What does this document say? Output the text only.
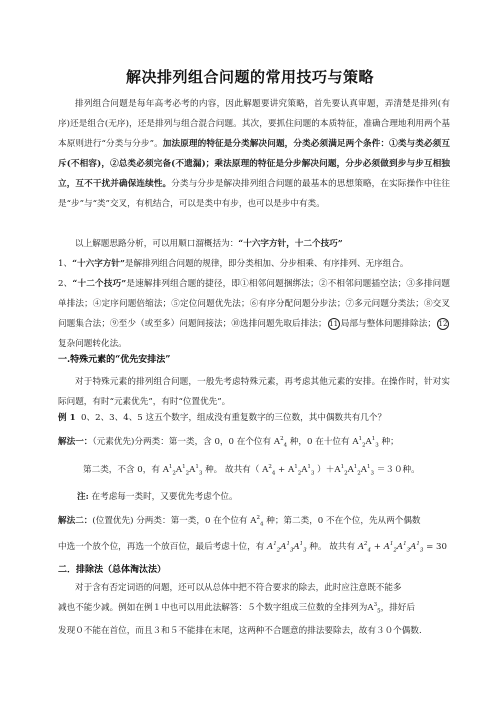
解决排列组合问题的常用技巧与策略

排列组合问题是每年高考必考的内容，因此解题要讲究策略，首先要认真审题，弄清楚是排列(有序)还是组合(无序)，还是排列与组合混合问题。其次，要抓住问题的本质特征，准确合理地利用两个基本原则进行“分类与分步”。加法原理的特征是分类解决问题，分类必须满足两个条件：①类与类必须互斥(不相容)，②总类必须完备(不遗漏)；乘法原理的特征是分步解决问题，分步必须做到步与步互相独立，互不干扰并确保连续性。分类与分步是解决排列组合问题的最基本的思想策略，在实际操作中往往是“步”与“类”交叉，有机结合，可以是类中有步，也可以是步中有类。

以上解题思路分析，可以用顺口溜概括为：“十六字方针，十二个技巧”

1、“十六字方针”是解排列组合问题的规律，即分类相加、分步相乘、有序排列、无序组合。

2、“十二个技巧”是速解排列组合题的捷径，即①相邻问题捆绑法；②不相邻问题插空法；③多排问题单排法；④定序问题倍缩法；⑤定位问题优先法；⑥有序分配问题分步法；⑦多元问题分类法；⑧交叉问题集合法；⑨至少（或至多）问题间接法；⑩选排问题先取后排法； 11 局部与整体问题排除法； 12复杂问题转化法。

一.特殊元素的“优先安排法”

对于特殊元素的排列组合问题，一般先考虑特殊元素，再考虑其他元素的安排。在操作时，针对实际问题，有时“元素优先”，有时“位置优先”。

例 1 0、2、3、4、5 这五个数字，组成没有重复数字的三位数，其中偶数共有几个？
解法一：（元素优先)分两类：第一类，含 0，0 在个位有 $A^2_4$ 种，0 在十位有 $A^1_2A^1_3$ 种；
第二类，不含 0，有 $A^1_2A^1_2A^1_3$ 种。 故共有（ $A^2_4 + A^1_2A^1_3$ ）$+A^1_2A^1_2A^1_3 =30$种。
注: 在考虑每一类时，又要优先考虑个位。
解法二：(位置优先) 分两类：第一类，0 在个位有 $A^2_4$ 种；第二类，0 不在个位，先从两个偶数
中选一个放个位，再选一个放百位，最后考虑十位，有 $A^1_2A^1_3A^1_3$ 种。 故共有 $A^2_4 + A^1_2A^1_3A^1_3 = 30$
二．排除法（总体淘汰法）
对于含有否定词语的问题，还可以从总体中把不符合要求的除去，此时应注意既不能多
减也不能少减。例如在例１中也可以用此法解答：５个数字组成三位数的全排列为$A^3_5$，排好后
发现０不能在首位，而且３和５不能排在末尾，这两种不合题意的排法要除去，故有３０个偶数.
